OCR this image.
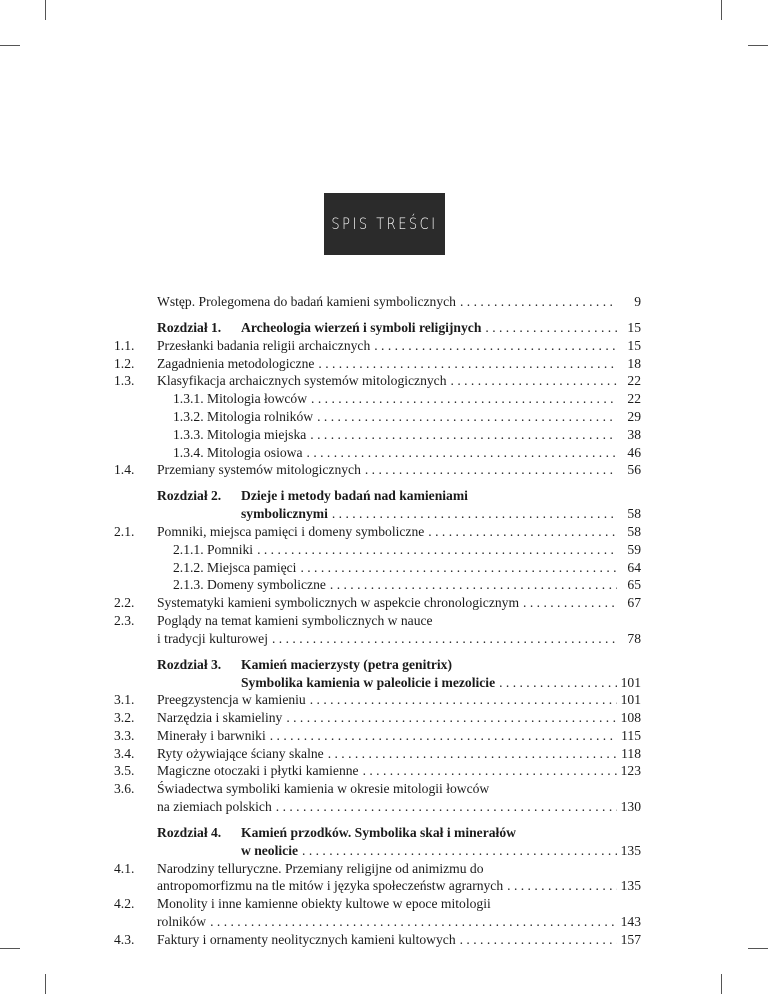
SPIS TREŚCI
Wstęp. Prolegomena do badań kamieni symbolicznych . . .	9
Rozdział 1.	Archeologia wierzeń i symboli religijnych . . .	15
1.1.	Przesłanki badania religii archaicznych . . .	15
1.2.	Zagadnienia metodologiczne . . .	18
1.3.	Klasyfikacja archaicznych systemów mitologicznych . . .	22
1.3.1. Mitologia łowców . . .	22
1.3.2. Mitologia rolników . . .	29
1.3.3. Mitologia miejska . . .	38
1.3.4. Mitologia osiowa . . .	46
1.4.	Przemiany systemów mitologicznych . . .	56
Rozdział 2.	Dzieje i metody badań nad kamieniami
symbolicznymi . . .	58
2.1.	Pomniki, miejsca pamięci i domeny symboliczne . . .	58
2.1.1. Pomniki . . .	59
2.1.2. Miejsca pamięci . . .	64
2.1.3. Domeny symboliczne . . .	65
2.2.	Systematyki kamieni symbolicznych w aspekcie chronologicznym . . .	67
2.3.	Poglądy na temat kamieni symbolicznych w nauce
i tradycji kulturowej . . .	78
Rozdział 3.	Kamień macierzysty (petra genitrix)
Symbolika kamienia w paleolicie i mezolicie . . .	101
3.1.	Preegzystencja w kamieniu . . .	101
3.2.	Narzędzia i skamieliny . . .	108
3.3.	Minerały i barwniki . . .	115
3.4.	Ryty ożywiające ściany skalne . . .	118
3.5.	Magiczne otoczaki i płytki kamienne . . .	123
3.6.	Świadectwa symboliki kamienia w okresie mitologii łowców
na ziemiach polskich . . .	130
Rozdział 4.	Kamień przodków. Symbolika skał i minerałów
w neolicie . . .	135
4.1.	Narodziny telluryczne. Przemiany religijne od animizmu do
antropomorfizmu na tle mitów i języka społeczeństw agrarnych . . .	135
4.2.	Monolity i inne kamienne obiekty kultowe w epoce mitologii
rolników . . .	143
4.3.	Faktury i ornamenty neolitycznych kamieni kultowych . . .	157
